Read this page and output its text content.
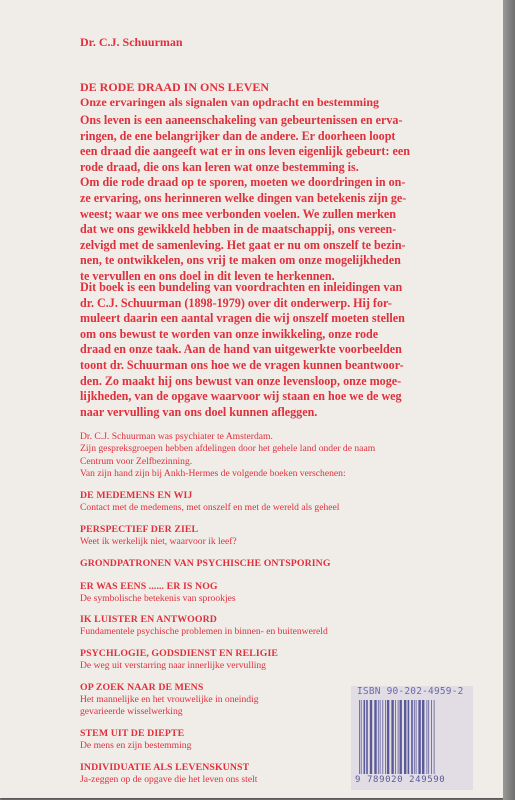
Dr. C.J. Schuurman
DE RODE DRAAD IN ONS LEVEN
Onze ervaringen als signalen van opdracht en bestemming
Ons leven is een aaneenschakeling van gebeurtenissen en erva-
ringen, de ene belangrijker dan de andere. Er doorheen loopt
een draad die aangeeft wat er in ons leven eigenlijk gebeurt: een
rode draad, die ons kan leren wat onze bestemming is.
Om die rode draad op te sporen, moeten we doordringen in on-
ze ervaring, ons herinneren welke dingen van betekenis zijn ge-
weest; waar we ons mee verbonden voelen. We zullen merken
dat we ons gewikkeld hebben in de maatschappij, ons vereen-
zelvigd met de samenleving. Het gaat er nu om onszelf te bezin-
nen, te ontwikkelen, ons vrij te maken om onze mogelijkheden
te vervullen en ons doel in dit leven te herkennen.
Dit boek is een bundeling van voordrachten en inleidingen van
dr. C.J. Schuurman (1898-1979) over dit onderwerp. Hij for-
muleert daarin een aantal vragen die wij onszelf moeten stellen
om ons bewust te worden van onze inwikkeling, onze rode
draad en onze taak. Aan de hand van uitgewerkte voorbeelden
toont dr. Schuurman ons hoe we de vragen kunnen beantwoor-
den. Zo maakt hij ons bewust van onze levensloop, onze moge-
lijkheden, van de opgave waarvoor wij staan en hoe we de weg
naar vervulling van ons doel kunnen afleggen.
Dr. C.J. Schuurman was psychiater te Amsterdam.
Zijn gespreksgroepen hebben afdelingen door het gehele land onder de naam
Centrum voor Zelfbezinning.
Van zijn hand zijn bij Ankh-Hermes de volgende boeken verschenen:
DE MEDEMENS EN WIJ
Contact met de medemens, met onszelf en met de wereld als geheel
PERSPECTIEF DER ZIEL
Weet ik werkelijk niet, waarvoor ik leef?
GRONDPATRONEN VAN PSYCHISCHE ONTSPORING
ER WAS EENS ...... ER IS NOG
De symbolische betekenis van sprookjes
IK LUISTER EN ANTWOORD
Fundamentele psychische problemen in binnen- en buitenwereld
PSYCHLOGIE, GODSDIENST EN RELIGIE
De weg uit verstarring naar innerlijke vervulling
OP ZOEK NAAR DE MENS
Het mannelijke en het vrouwelijke in oneindig
gevarieerde wisselwerking
STEM UIT DE DIEPTE
De mens en zijn bestemming
INDIVIDUATIE ALS LEVENSKUNST
Ja-zeggen op de opgave die het leven ons stelt
ISBN 90-202-4959-2
9 789020 249590
